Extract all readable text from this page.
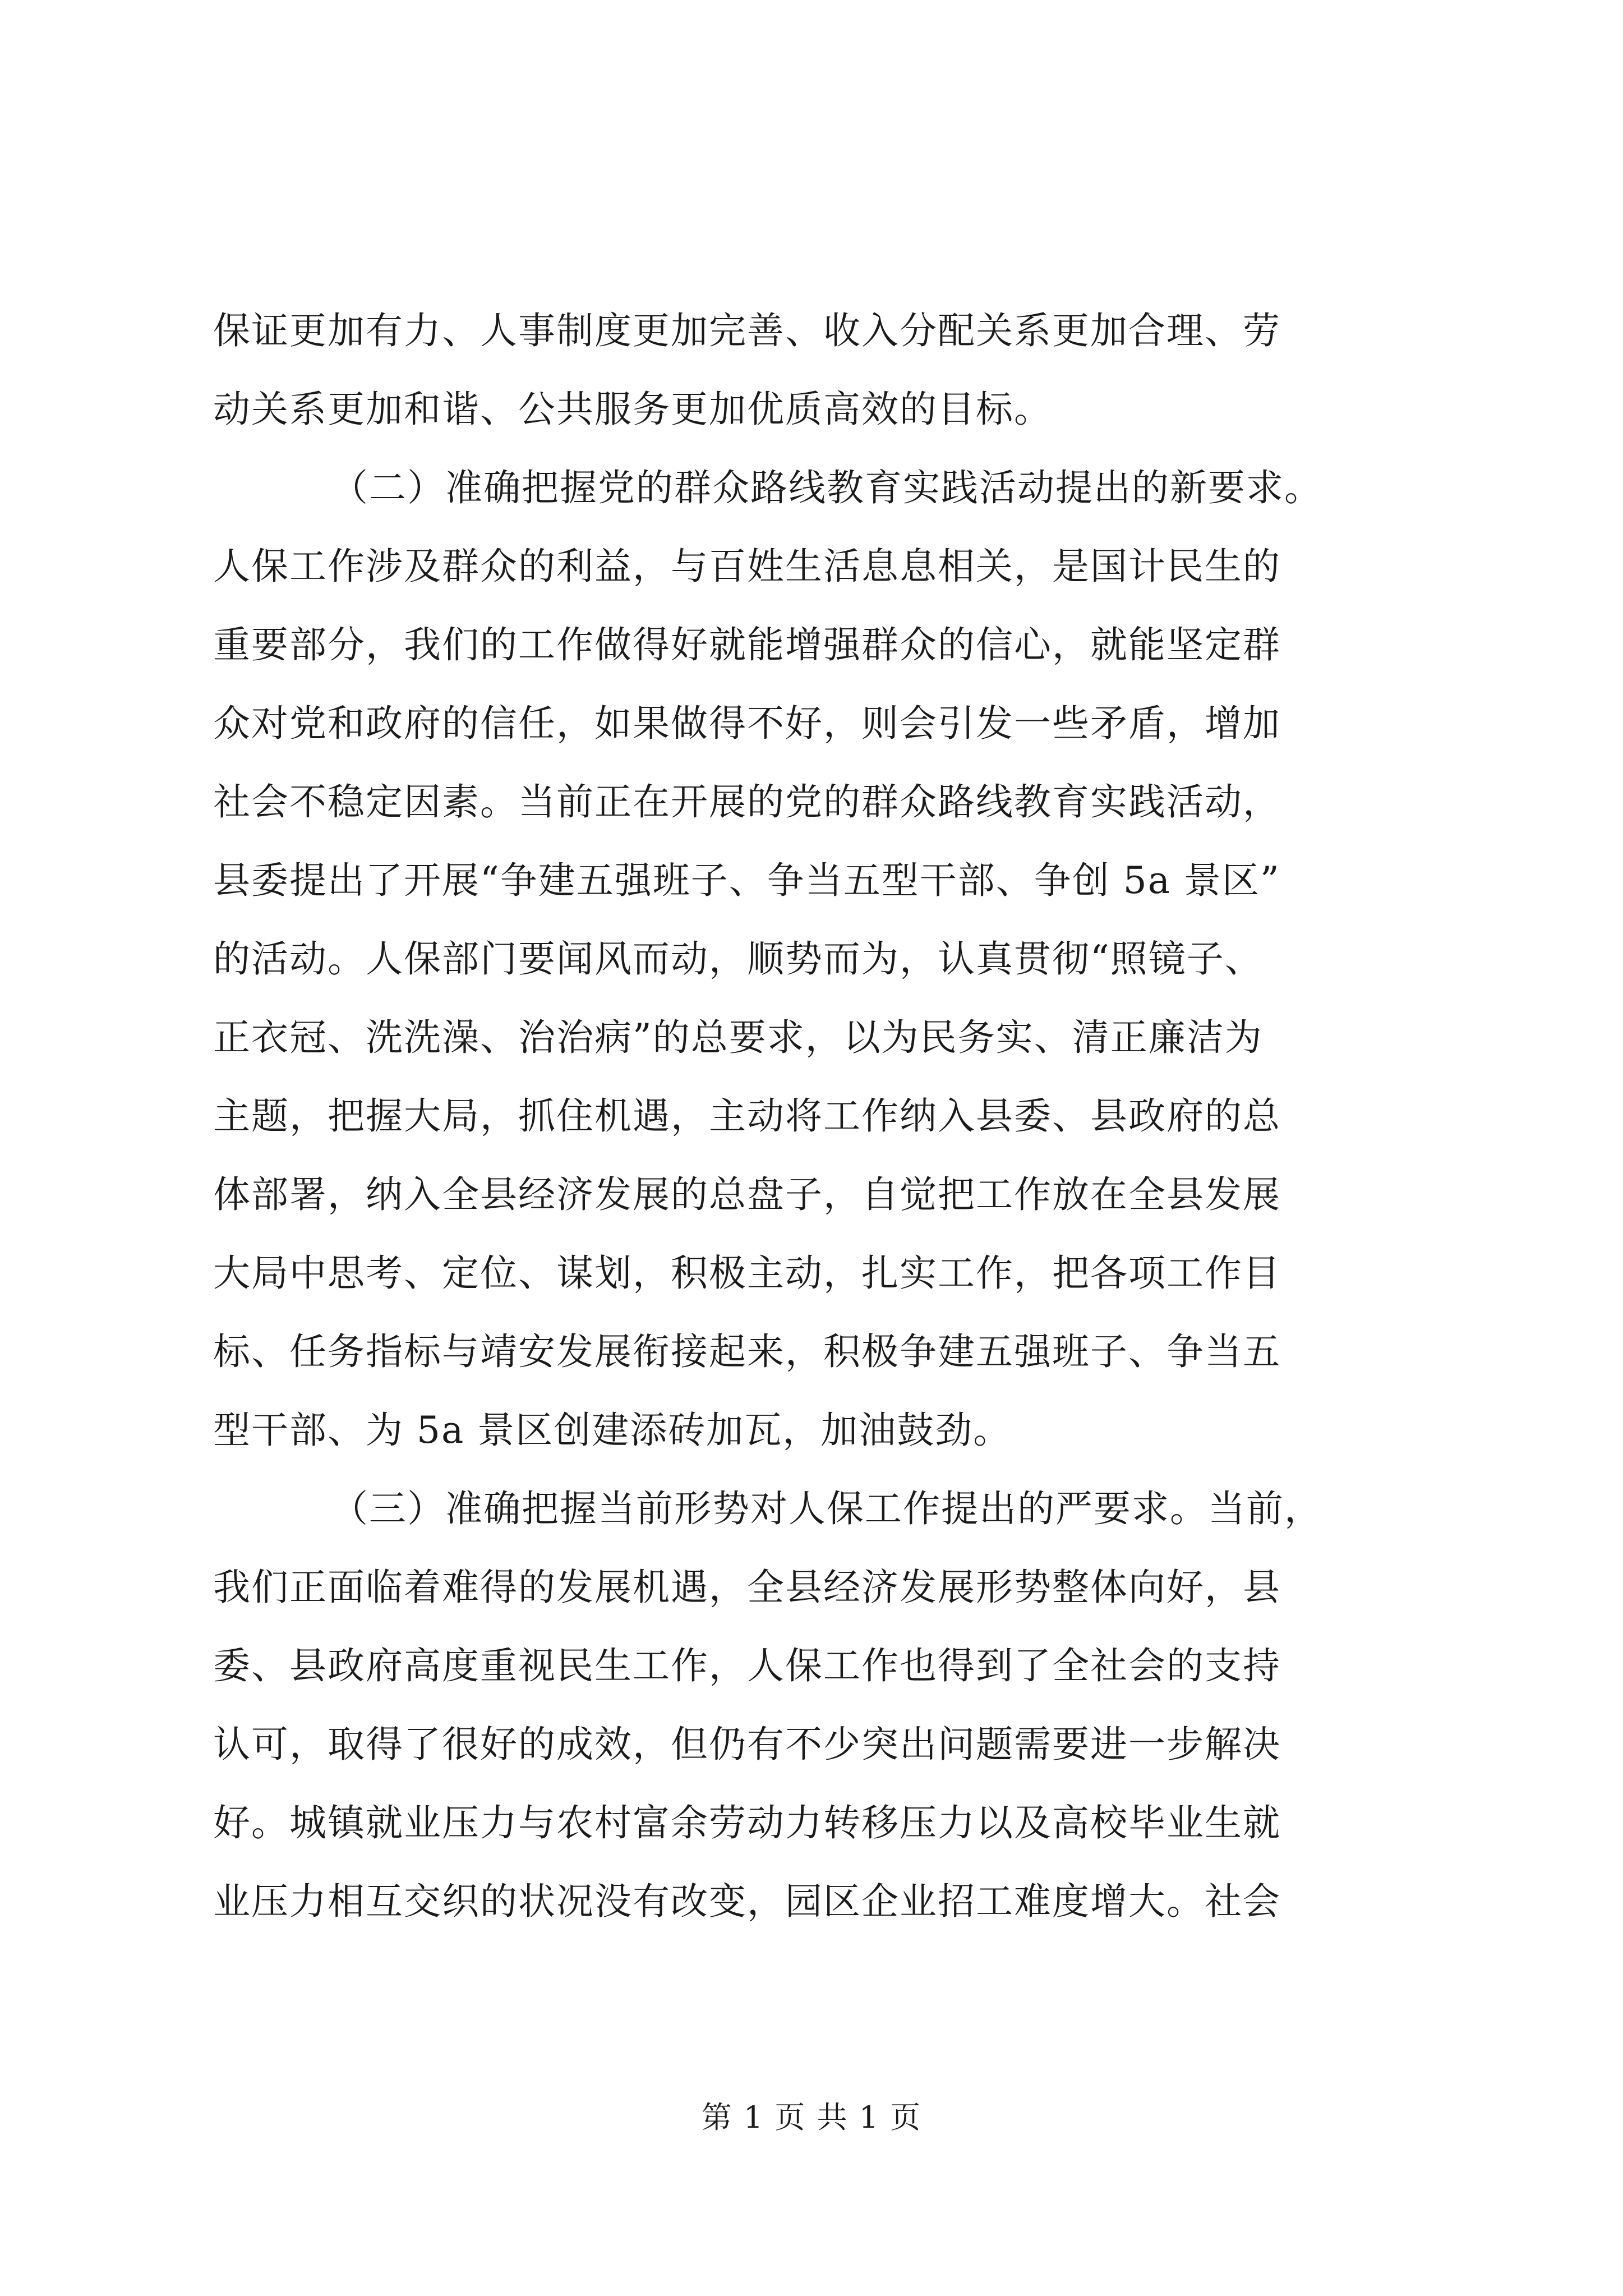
保证更加有力、人事制度更加完善、收入分配关系更加合理、劳
动关系更加和谐、公共服务更加优质高效的目标。
（二）准确把握党的群众路线教育实践活动提出的新要求。
人保工作涉及群众的利益，与百姓生活息息相关，是国计民生的
重要部分，我们的工作做得好就能增强群众的信心，就能坚定群
众对党和政府的信任，如果做得不好，则会引发一些矛盾，增加
社会不稳定因素。当前正在开展的党的群众路线教育实践活动，
县委提出了开展“争建五强班子、争当五型干部、争创 5a 景区”
的活动。人保部门要闻风而动，顺势而为，认真贯彻“照镜子、
正衣冠、洗洗澡、治治病”的总要求，以为民务实、清正廉洁为
主题，把握大局，抓住机遇，主动将工作纳入县委、县政府的总
体部署，纳入全县经济发展的总盘子，自觉把工作放在全县发展
大局中思考、定位、谋划，积极主动，扎实工作，把各项工作目
标、任务指标与靖安发展衔接起来，积极争建五强班子、争当五
型干部、为 5a 景区创建添砖加瓦，加油鼓劲。
（三）准确把握当前形势对人保工作提出的严要求。当前，
我们正面临着难得的发展机遇，全县经济发展形势整体向好，县
委、县政府高度重视民生工作，人保工作也得到了全社会的支持
认可，取得了很好的成效，但仍有不少突出问题需要进一步解决
好。城镇就业压力与农村富余劳动力转移压力以及高校毕业生就
业压力相互交织的状况没有改变，园区企业招工难度增大。社会
第 1 页 共 1 页
